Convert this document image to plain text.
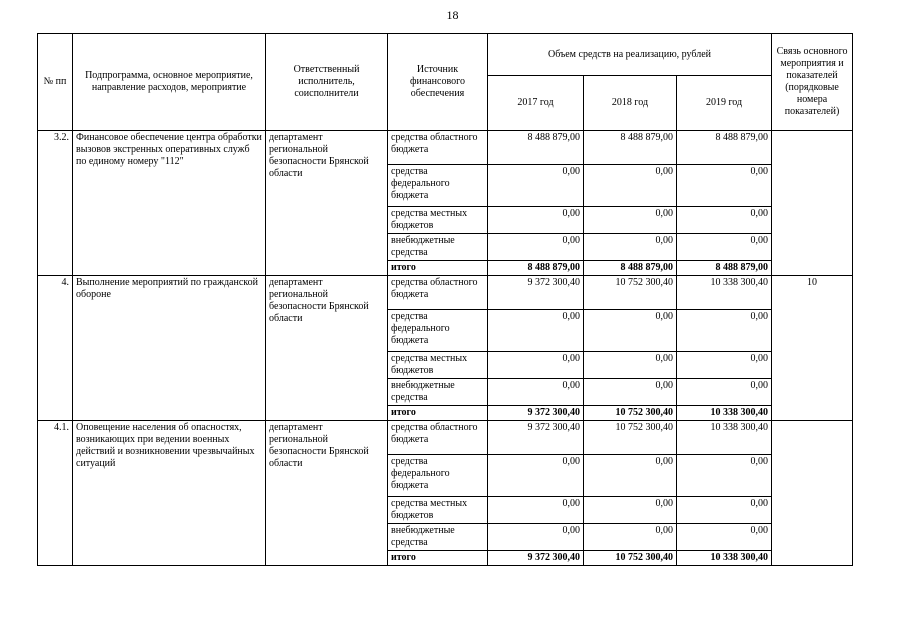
18
№ пп	Подпрограмма, основное мероприятие, направление расходов, мероприятие	Ответственный исполнитель, соисполнители	Источник финансового обеспечения	Объем средств на реализацию, рублей			Связь основного мероприятия и показателей (порядковые номера показателей)
				2017 год	2018 год	2019 год	
3.2.	Финансовое обеспечение центра обработки вызовов экстренных оперативных служб по единому номеру "112"	департамент региональной безопасности Брянской области	средства областного бюджета	8 488 879,00	8 488 879,00	8 488 879,00	
			средства федерального бюджета	0,00	0,00	0,00	
			средства местных бюджетов	0,00	0,00	0,00	
			внебюджетные средства	0,00	0,00	0,00	
			итого	8 488 879,00	8 488 879,00	8 488 879,00	
4.	Выполнение мероприятий по гражданской обороне	департамент региональной безопасности Брянской области	средства областного бюджета	9 372 300,40	10 752 300,40	10 338 300,40	10
			средства федерального бюджета	0,00	0,00	0,00	
			средства местных бюджетов	0,00	0,00	0,00	
			внебюджетные средства	0,00	0,00	0,00	
			итого	9 372 300,40	10 752 300,40	10 338 300,40	
4.1.	Оповещение населения об опасностях, возникающих при ведении военных действий и возникновении чрезвычайных ситуаций	департамент региональной безопасности Брянской области	средства областного бюджета	9 372 300,40	10 752 300,40	10 338 300,40	
			средства федерального бюджета	0,00	0,00	0,00	
			средства местных бюджетов	0,00	0,00	0,00	
			внебюджетные средства	0,00	0,00	0,00	
			итого	9 372 300,40	10 752 300,40	10 338 300,40	
